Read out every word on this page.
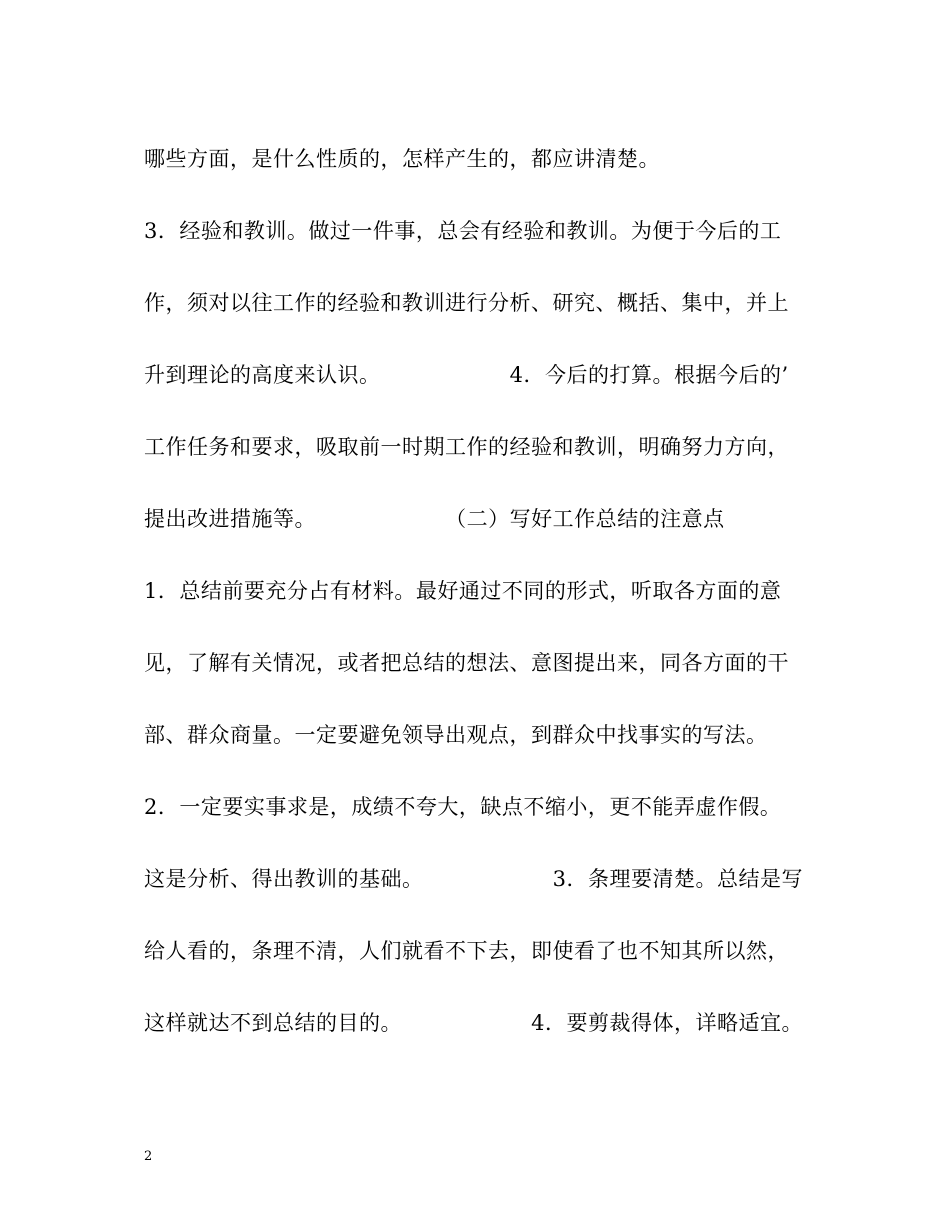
哪些方面，是什么性质的，怎样产生的，都应讲清楚。
3．经验和教训。做过一件事，总会有经验和教训。为便于今后的工
作，须对以往工作的经验和教训进行分析、研究、概括、集中，并上
升到理论的高度来认识。                  4．今后的打算。根据今后的’
工作任务和要求，吸取前一时期工作的经验和教训，明确努力方向，
提出改进措施等。                  （二）写好工作总结的注意点
1．总结前要充分占有材料。最好通过不同的形式，听取各方面的意
见，了解有关情况，或者把总结的想法、意图提出来，同各方面的干
部、群众商量。一定要避免领导出观点，到群众中找事实的写法。
2．一定要实事求是，成绩不夸大，缺点不缩小，更不能弄虚作假。
这是分析、得出教训的基础。                  3．条理要清楚。总结是写
给人看的，条理不清，人们就看不下去，即使看了也不知其所以然，
这样就达不到总结的目的。                  4．要剪裁得体，详略适宜。
2
